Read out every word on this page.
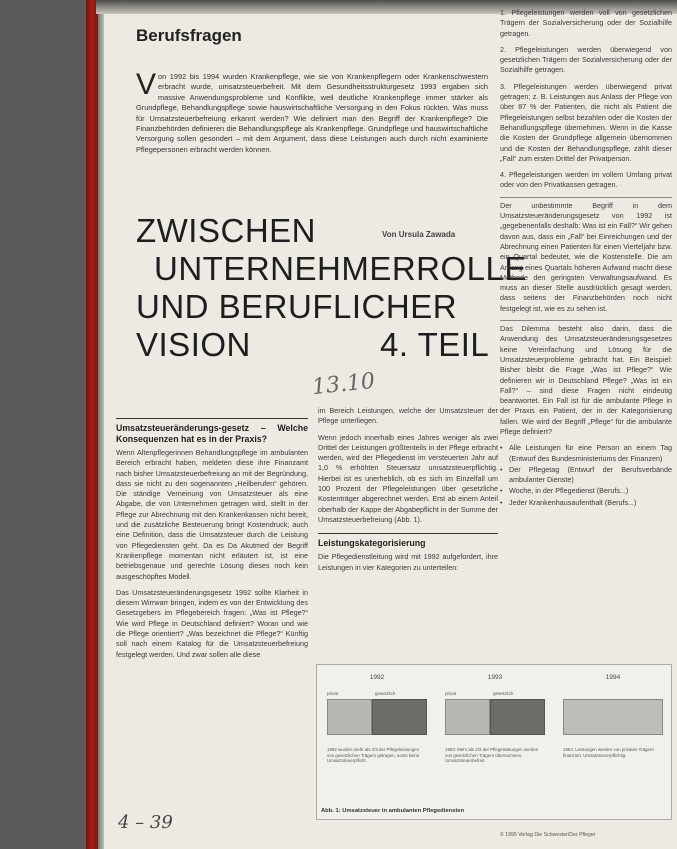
Berufsfragen
V on 1992 bis 1994 wurden Krankenpflege, wie sie von Krankenpflegern oder Krankenschwestern erbracht wurde, umsatzsteuerbefreit. Mit dem Gesundheitsstrukturgesetz 1993 ergaben sich massive Anwendungsprobleme und Konflikte, weil deutliche Krankenpflege immer stärker als Grundpflege, Behandlungspflege sowie hauswirtschaftliche Versorgung in den Fokus rückten. Was muss für Umsatzsteuerbefreiung erkannt werden? Wie definiert man den Begriff der Krankenpflege? Die Finanzbehörden definieren die Behandlungspflege als Krankenpflege. Grundpflege und hauswirtschaftliche Versorgung sollen gesondert – mit dem Argument, dass diese Leistungen auch durch nicht examinierte Pflegepersonen erbracht werden können.
ZWISCHEN
UNTERNEHMERROLLE
UND BERUFLICHER
VISION	4. TEIL
Von Ursula Zawada
13.10
Umsatzsteueränderungs-gesetz – Welche Konsequenzen hat es in der Praxis?
Wenn Altenpflegerinnen Behandlungspflege im ambulanten Bereich erbracht haben, meldeten diese ihre Finanzamt nach bisher Umsatzsteuerbefreiung an mit der Begründung, dass sie nicht zu den sogenannten „Heilberufen“ gehören. Die ständige Verneinung von Umsatzsteuer als eine Abgabe, die von Unternehmen getragen wird, stellt in der Pflege zur Abrechnung mit den Krankenkassen nicht bereit, und die zusätzliche Besteuerung bringt Kostendruck; auch eine Definition, dass die Umsatzsteuer durch die Leistung von Pflegediensten geht. Da es Da Akutmed der Begriff Krankenpflege momentan nicht erläutert ist, ist eine betriebsgenaue und gerechte Lösung dieses noch kein ausgeschöpftes Modell.
Das Umsatzsteueränderungsgesetz 1992 sollte Klarheit in diesem Wirrwarr bringen, indem es von der Entwicklung des Gesetzgebers im Pflegebereich fragen: „Was ist Pflege?“ Wie wird Pflege in Deutschland definiert? Woran und wie die Pflege orientiert? „Was bezeichnet die Pflege?“ Künftig soll nach einem Katalog für die Umsatzsteuerbefreiung festgelegt werden. Und zwar sollen alle diese
im Bereich Leistungen, welche der Umsatzsteuer der Pflege unterliegen.
Wenn jedoch innerhalb eines Jahres weniger als zwei Drittel der Leistungen größtenteils in der Pflege erbracht werden, wird der Pflegedienst im versteuerten Jahr auf 1,0 % erhöhten Steuersatz umsatzsteuerpflichtig. Hierbei ist es unerheblich, ob es sich im Einzelfall um 100 Prozent der Pflegeleistungen über gesetzliche Kostenträger abgerechnet werden. Erst ab einem Anteil oberhalb der Kappe der Abgabepflicht in der Summe der Umsatzsteuerbefreiung (Abb. 1).
Leistungskategorisierung
Die Pflegedienstleitung wird mit 1992 aufgefordert, ihre Leistungen in vier Kategorien zu unterteilen:
1. Pflegeleistungen werden voll von gesetzlichen Trägern der Sozialversicherung oder der Sozialhilfe getragen.
2. Pflegeleistungen werden überwiegend von gesetzlichen Trägern der Sozialversicherung oder der Sozialhilfe getragen.
3. Pflegeleistungen werden überwiegend privat getragen; z. B. Leistungen aus Anlass der Pflege von über 87 % der Patienten, die nicht als Patient die Pflegeleistungen selbst bezahlen oder die Kosten der Behandlungspflege übernehmen. Wenn in die Kasse die Kosten der Grundpflege allgemein übernommen und die Kosten der Behandlungspflege, zählt dieser „Fall“ zum ersten Drittel der Privatperson.
4. Pflegeleistungen werden im vollem Umfang privat oder von den Privatkassen getragen.
Der unbestimmte Begriff in dem Umsatzsteueränderungsgesetz von 1992 ist „gegebenenfalls deshalb: Was ist ein Fall?“ Wir gehen davon aus, dass ein „Fall“ bei Einreichungen und der Abrechnung einen Patienten für einen Vierteljahr bzw. ein Quartal bedeutet, wie die Kostenstelle. Die am Anfang eines Quartals höheren Aufwand macht diese Methode den geringsten Verwaltungsaufwand. Es muss an dieser Stelle ausdrücklich gesagt werden, dass seitens der Finanzbehörden noch nicht festgelegt ist, wie es zu sehen ist.
Das Dilemma besteht also darin, dass die Anwendung des Umsatzsteueränderungsgesetzes keine Vereinfachung und Lösung für die Umsatzsteuerprobleme gebracht hat. Ein Beispiel: Bisher bleibt die Frage „Was ist Pflege?“ Wie definieren wir in Deutschland Pflege? „Was ist ein Fall?“ – sind diese Fragen nicht eindeutig beantwortet. Ein Fall ist für die ambulante Pflege in der Praxis ein Patient, der in der Kategorisierung fallen. Wie wird der Begriff „Pflege“ für die ambulante Pflege definiert?
• Alle Leistungen für eine Person an einem Tag (Entwurf des Bundesministeriums der Finanzen)
• Der Pflegetag (Entwurf der Berufsverbände ambulanter Dienste)
• Woche, in der Pflegedienst (Berufs...)
• Jeder Krankenhausaufenthalt (Berufs...)
1992
privat	gesetzlich
1992 wurden mehr als 2/3 der Pflegeleistungen von gesetzlichen Trägern getragen, somit keine Umsatzsteuerpflicht.
1993
privat	gesetzlich
1993: Mehr als 2/3 der Pflegeleistungen werden von gesetzlichen Trägern übernommen. Umsatzsteuerbefreit.
1994
1994: Leistungen werden von privaten Trägern finanziert. Umsatzsteuerpflichtig.
Abb. 1: Umsatzsteuer in ambulanten Pflegediensten
© 1995 Verlag Die Schwester/Der Pfleger
4 – 39
